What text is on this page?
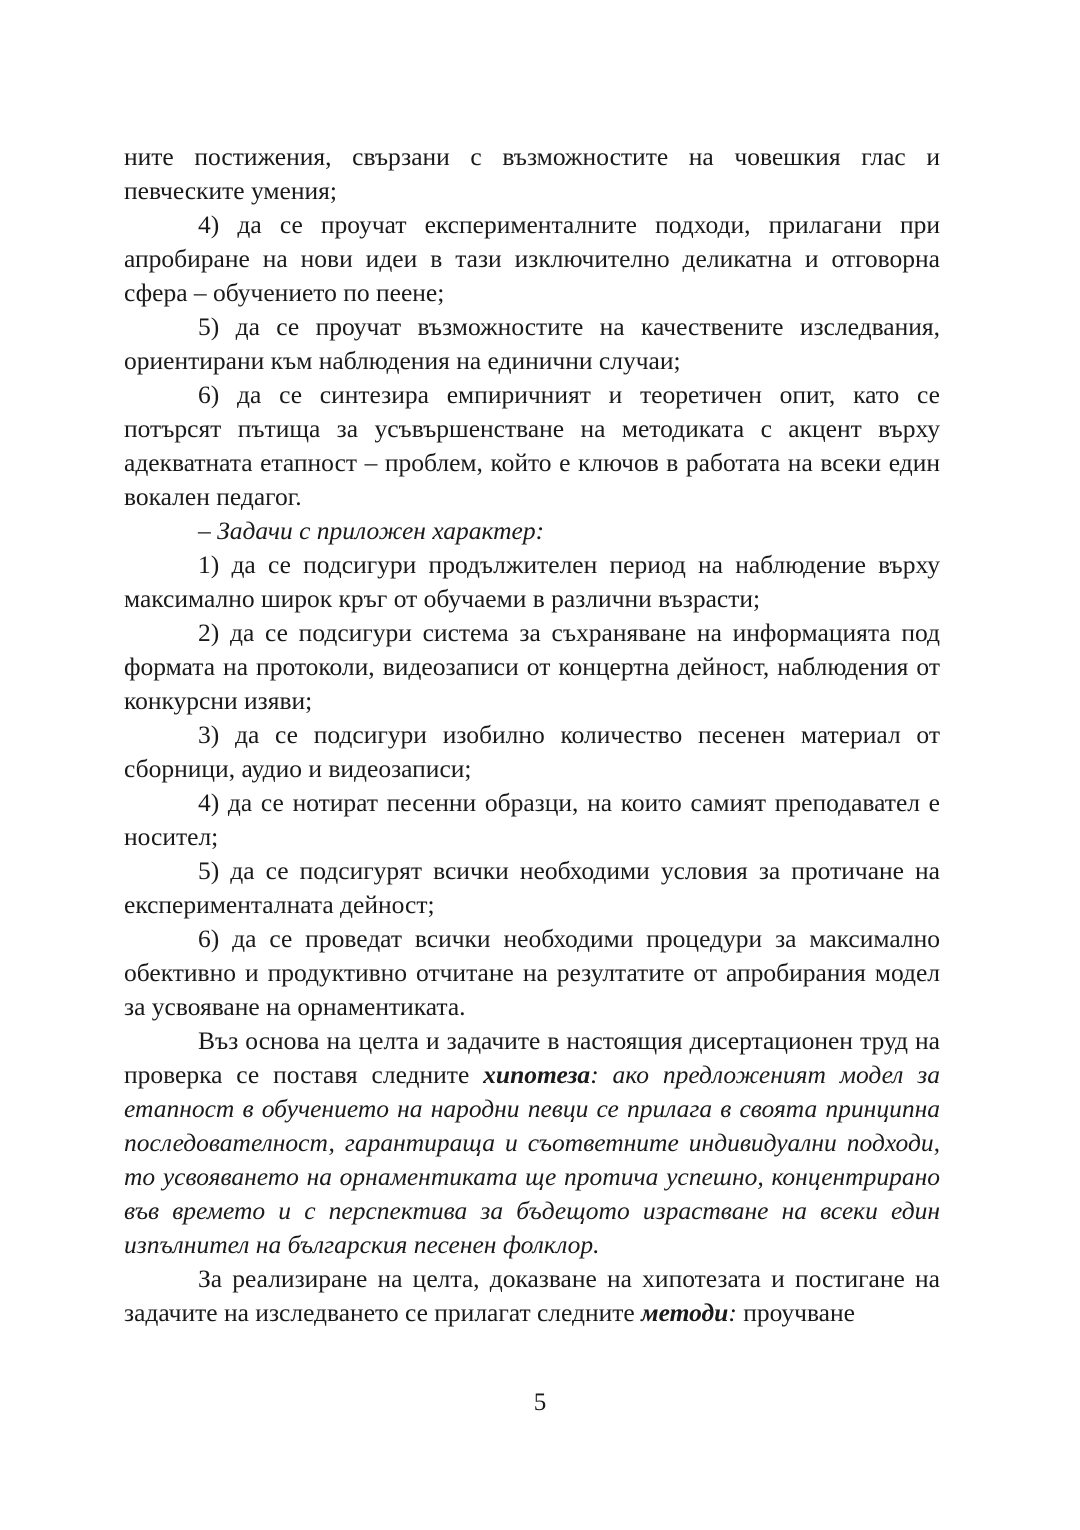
ните постижения, свързани с възможностите на човешкия глас и певческите умения;

4) да се проучат експерименталните подходи, прилагани при апробиране на нови идеи в тази изключително деликатна и отговорна сфера – обучението по пеене;

5) да се проучат възможностите на качествените изследвания, ориентирани към наблюдения на единични случаи;

6) да се синтезира емпиричният и теоретичен опит, като се потърсят пътища за усъвършенстване на методиката с акцент върху адекватната етапност – проблем, който е ключов в работата на всеки един вокален педагог.

– Задачи с приложен характер:

1) да се подсигури продължителен период на наблюдение върху максимално широк кръг от обучаеми в различни възрасти;

2) да се подсигури система за съхраняване на информацията под формата на протоколи, видеозаписи от концертна дейност, наблюдения от конкурсни изяви;

3) да се подсигури изобилно количество песенен материал от сборници, аудио и видеозаписи;

4) да се нотират песенни образци, на които самият преподавател е носител;

5) да се подсигурят всички необходими условия за протичане на експерименталната дейност;

6) да се проведат всички необходими процедури за максимално обективно и продуктивно отчитане на резултатите от апробирания модел за усвояване на орнаментиката.

Въз основа на целта и задачите в настоящия дисертационен труд на проверка се поставя следните хипотеза: ако предложеният модел за етапност в обучението на народни певци се прилага в своята принципна последователност, гарантираща и съответните индивидуални подходи, то усвояването на орнаментиката ще протича успешно, концентрирано във времето и с перспектива за бъдещото израстване на всеки един изпълнител на българския песенен фолклор.

За реализиране на целта, доказване на хипотезата и постигане на задачите на изследването се прилагат следните методи: проучване

5
